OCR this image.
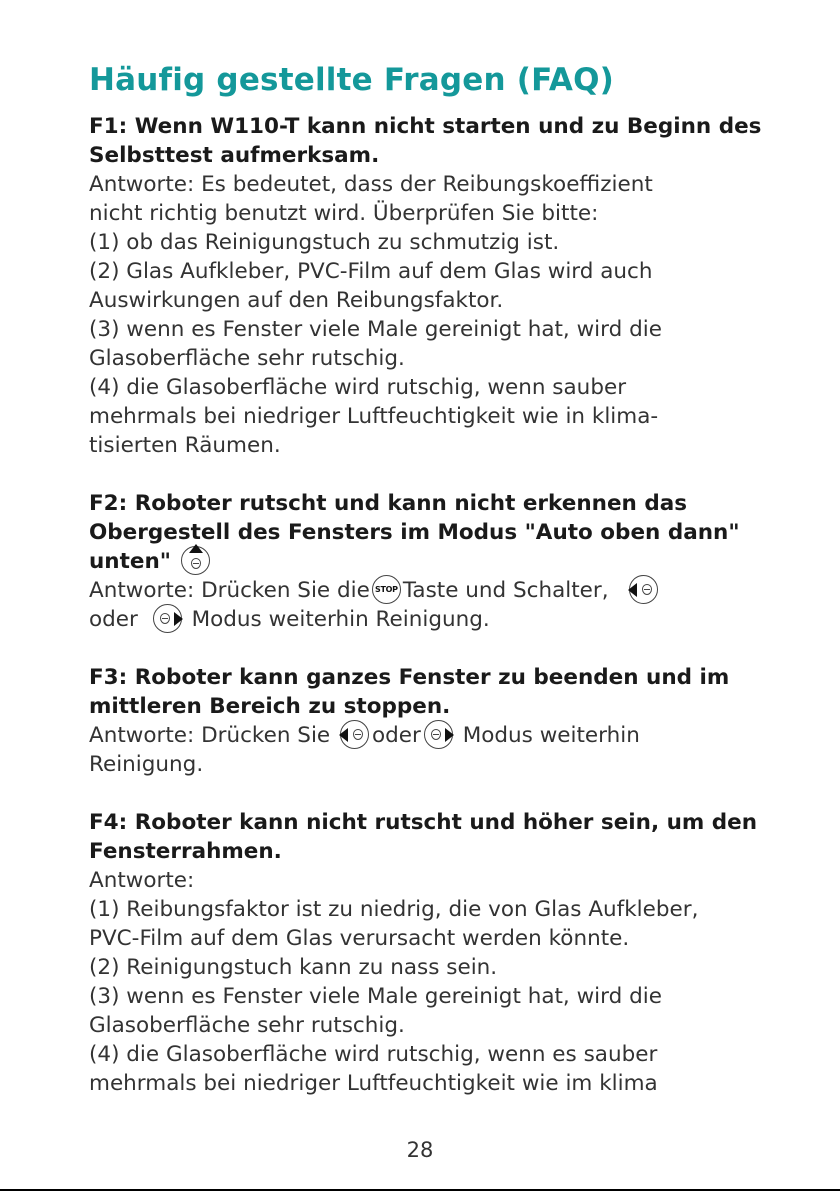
Häufig gestellte Fragen (FAQ)

F1: Wenn W110-T kann nicht starten und zu Beginn des

Selbsttest aufmerksam.

Antworte: Es bedeutet, dass der Reibungskoeffizient

nicht richtig benutzt wird. Überprüfen Sie bitte:

(1) ob das Reinigungstuch zu schmutzig ist.

(2) Glas Aufkleber, PVC-Film auf dem Glas wird auch

Auswirkungen auf den Reibungsfaktor.

(3) wenn es Fenster viele Male gereinigt hat, wird die

Glasoberfläche sehr rutschig.

(4) die Glasoberfläche wird rutschig, wenn sauber

mehrmals bei niedriger Luftfeuchtigkeit wie in klima-

tisierten Räumen.

F2: Roboter rutscht und kann nicht erkennen das

Obergestell des Fensters im Modus "Auto oben dann"

unten"

Antworte: Drücken Sie die STOP Taste und Schalter,

oder Modus weiterhin Reinigung.

F3: Roboter kann ganzes Fenster zu beenden und im

mittleren Bereich zu stoppen.

Antworte: Drücken Sie oder Modus weiterhin

Reinigung.

F4: Roboter kann nicht rutscht und höher sein, um den

Fensterrahmen.

Antworte:

(1) Reibungsfaktor ist zu niedrig, die von Glas Aufkleber,

PVC-Film auf dem Glas verursacht werden könnte.

(2) Reinigungstuch kann zu nass sein.

(3) wenn es Fenster viele Male gereinigt hat, wird die

Glasoberfläche sehr rutschig.

(4) die Glasoberfläche wird rutschig, wenn es sauber

mehrmals bei niedriger Luftfeuchtigkeit wie im klima

28
